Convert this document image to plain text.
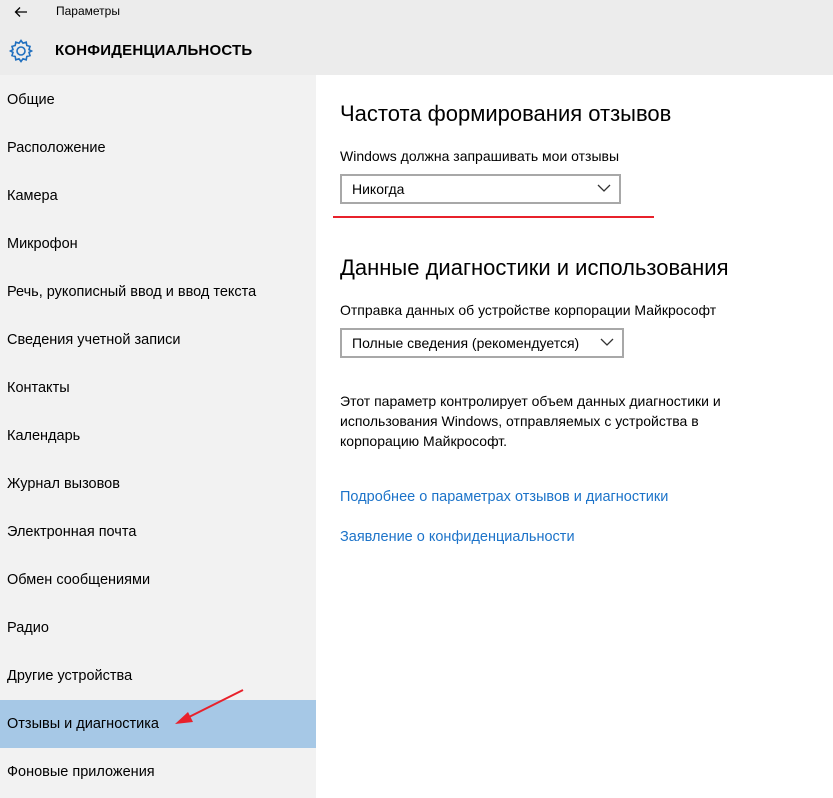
Параметры
КОНФИДЕНЦИАЛЬНОСТЬ
Общие
Расположение
Камера
Микрофон
Речь, рукописный ввод и ввод текста
Сведения учетной записи
Контакты
Календарь
Журнал вызовов
Электронная почта
Обмен сообщениями
Радио
Другие устройства
Отзывы и диагностика
Фоновые приложения
Частота формирования отзывов
Windows должна запрашивать мои отзывы
Никогда
Данные диагностики и использования
Отправка данных об устройстве корпорации Майкрософт
Полные сведения (рекомендуется)
Этот параметр контролирует объем данных диагностики и использования Windows, отправляемых с устройства в корпорацию Майкрософт.
Подробнее о параметрах отзывов и диагностики
Заявление о конфиденциальности
